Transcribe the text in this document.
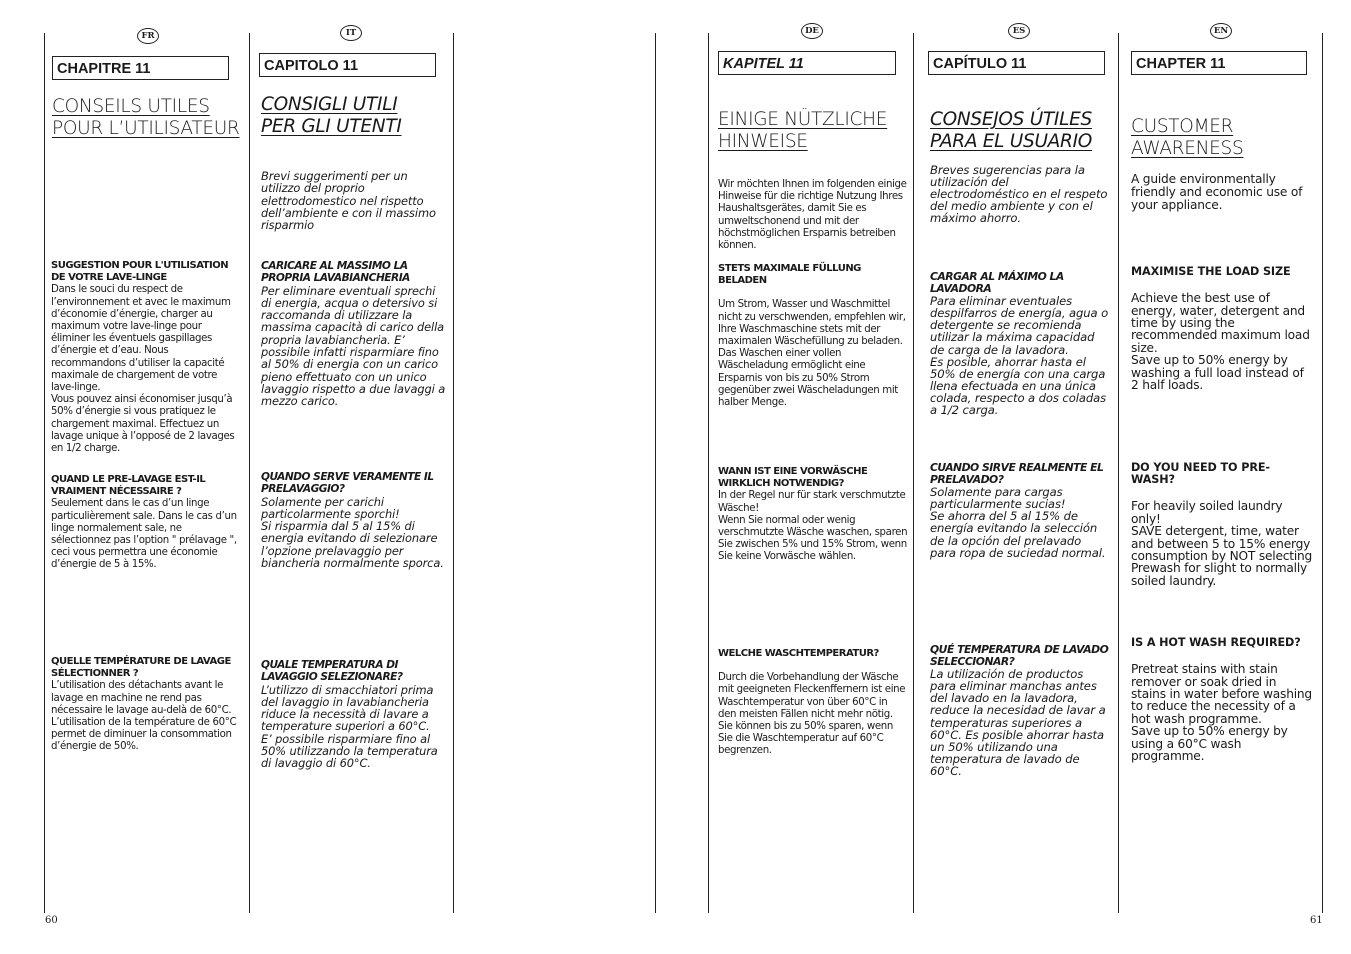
FR	IT	DE	ES	EN
CHAPITRE 11
CONSEILS UTILES
POUR L’UTILISATEUR
SUGGESTION POUR L'UTILISATION DE VOTRE LAVE-LINGE
Dans le souci du respect de l’environnement et avec le maximum d’économie d’énergie, charger au maximum votre lave-linge pour éliminer les éventuels gaspillages d’énergie et d’eau. Nous recommandons d’utiliser la capacité maximale de chargement de votre lave-linge.
Vous pouvez ainsi économiser jusqu’à 50% d’énergie si vous pratiquez le chargement maximal. Effectuez un lavage unique à l’opposé de 2 lavages en 1/2 charge.
QUAND LE PRE-LAVAGE EST-IL VRAIMENT NÉCESSAIRE ?
Seulement dans le cas d’un linge particulièrement sale. Dans le cas d’un linge normalement sale, ne sélectionnez pas l’option " prélavage ", ceci vous permettra une économie d’énergie de 5 à 15%.
QUELLE TEMPÉRATURE DE LAVAGE SÉLECTIONNER ?
L’utilisation des détachants avant le lavage en machine ne rend pas nécessaire le lavage au-delà de 60°C. L’utilisation de la température de 60°C permet de diminuer la consommation d’énergie de 50%.
CAPITOLO 11
CONSIGLI UTILI
PER GLI UTENTI
Brevi suggerimenti per un utilizzo del proprio elettrodomestico nel rispetto dell’ambiente e con il massimo risparmio
CARICARE AL MASSIMO LA PROPRIA LAVABIANCHERIA
Per eliminare eventuali sprechi di energia, acqua o detersivo si raccomanda di utilizzare la massima capacità di carico della propria lavabiancheria. E’ possibile infatti risparmiare fino al 50% di energia con un carico pieno effettuato con un unico lavaggio rispetto a due lavaggi a mezzo carico.
QUANDO SERVE VERAMENTE IL PRELAVAGGIO?
Solamente per carichi particolarmente sporchi!
Si risparmia dal 5 al 15% di energia evitando di selezionare l’opzione prelavaggio per biancheria normalmente sporca.
QUALE TEMPERATURA DI LAVAGGIO SELEZIONARE?
L’utilizzo di smacchiatori prima del lavaggio in lavabiancheria riduce la necessità di lavare a temperature superiori a 60°C.
E’ possibile risparmiare fino al 50% utilizzando la temperatura di lavaggio di 60°C.
KAPITEL 11
EINIGE NÜTZLICHE
HINWEISE
Wir möchten Ihnen im folgenden einige Hinweise für die richtige Nutzung Ihres Haushaltsgerätes, damit Sie es umweltschonend und mit der höchstmöglichen Ersparnis betreiben können.
STETS MAXIMALE FÜLLUNG BELADEN
Um Strom, Wasser und Waschmittel nicht zu verschwenden, empfehlen wir, Ihre Waschmaschine stets mit der maximalen Wäschefüllung zu beladen. Das Waschen einer vollen Wäscheladung ermöglicht eine Ersparnis von bis zu 50% Strom gegenüber zwei Wäscheladungen mit halber Menge.
WANN IST EINE VORWÄSCHE WIRKLICH NOTWENDIG?
In der Regel nur für stark verschmutzte Wäsche!
Wenn Sie normal oder wenig verschmutzte Wäsche waschen, sparen Sie zwischen 5% und 15% Strom, wenn Sie keine Vorwäsche wählen.
WELCHE WASCHTEMPERATUR?
Durch die Vorbehandlung der Wäsche mit geeigneten Fleckenffernern ist eine Waschtemperatur von über 60°C in den meisten Fällen nicht mehr nötig. Sie können bis zu 50% sparen, wenn Sie die Waschtemperatur auf 60°C begrenzen.
CAPÍTULO 11
CONSEJOS ÚTILES
PARA EL USUARIO
Breves sugerencias para la utilización del electrodoméstico en el respeto del medio ambiente y con el máximo ahorro.
CARGAR AL MÁXIMO LA LAVADORA
Para eliminar eventuales despilfarros de energía, agua o detergente se recomienda utilizar la máxima capacidad de carga de la lavadora.
Es posible, ahorrar hasta el 50% de energía con una carga llena efectuada en una única colada, respecto a dos coladas a 1/2 carga.
CUANDO SIRVE REALMENTE EL PRELAVADO?
Solamente para cargas particularmente sucias!
Se ahorra del 5 al 15% de energía evitando la selección de la opción del prelavado para ropa de suciedad normal.
QUÉ TEMPERATURA DE LAVADO SELECCIONAR?
La utilización de productos para eliminar manchas antes del lavado en la lavadora, reduce la necesidad de lavar a temperaturas superiores a 60°C. Es posible ahorrar hasta un 50% utilizando una temperatura de lavado de 60°C.
CHAPTER 11
CUSTOMER
AWARENESS
A guide environmentally friendly and economic use of your appliance.
MAXIMISE THE LOAD SIZE
Achieve the best use of energy, water, detergent and time by using the recommended maximum load size.
Save up to 50% energy by washing a full load instead of 2 half loads.
DO YOU NEED TO PRE-WASH?
For heavily soiled laundry only!
SAVE detergent, time, water and between 5 to 15% energy consumption by NOT selecting Prewash for slight to normally soiled laundry.
IS A HOT WASH REQUIRED?
Pretreat stains with stain remover or soak dried in stains in water before washing to reduce the necessity of a hot wash programme.
Save up to 50% energy by using a 60°C wash programme.
60	61
